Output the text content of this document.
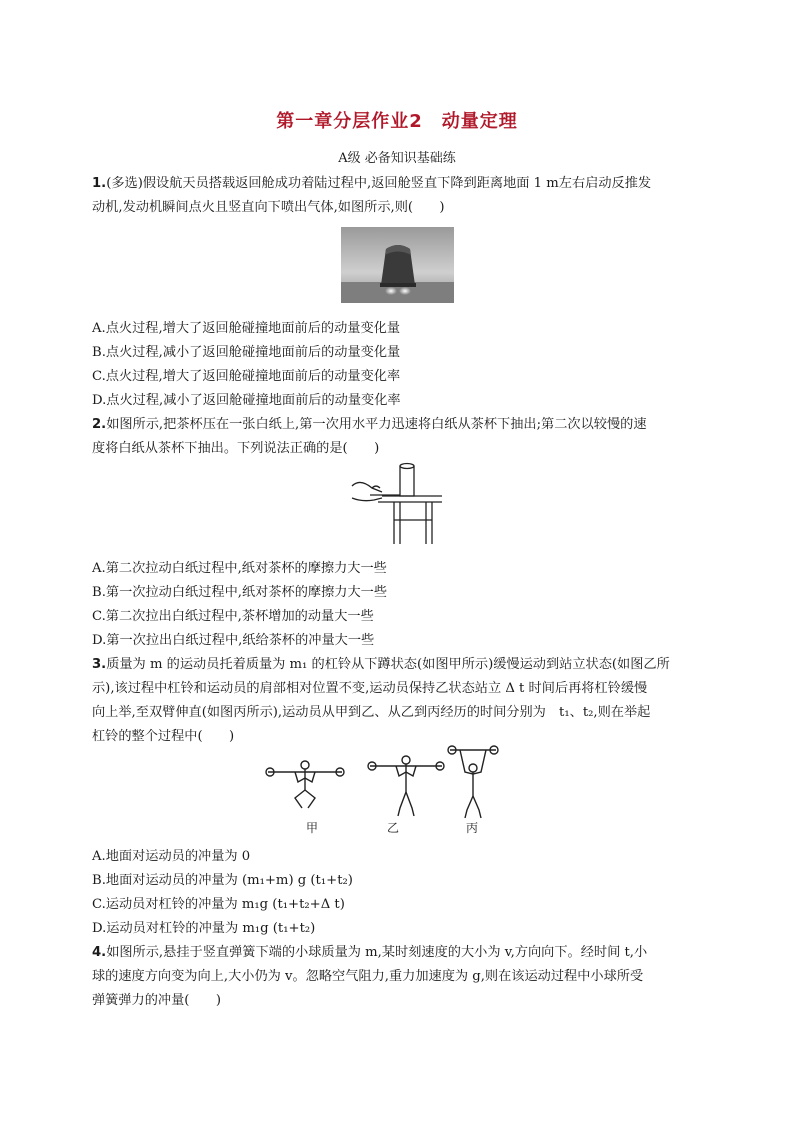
第一章分层作业2　动量定理
A级 必备知识基础练
1.(多选)假设航天员搭载返回舱成功着陆过程中,返回舱竖直下降到距离地面 1 m左右启动反推发
动机,发动机瞬间点火且竖直向下喷出气体,如图所示,则(　　)
A.点火过程,增大了返回舱碰撞地面前后的动量变化量
B.点火过程,减小了返回舱碰撞地面前后的动量变化量
C.点火过程,增大了返回舱碰撞地面前后的动量变化率
D.点火过程,减小了返回舱碰撞地面前后的动量变化率
2.如图所示,把茶杯压在一张白纸上,第一次用水平力迅速将白纸从茶杯下抽出;第二次以较慢的速
度将白纸从茶杯下抽出。下列说法正确的是(　　)
A.第二次拉动白纸过程中,纸对茶杯的摩擦力大一些
B.第一次拉动白纸过程中,纸对茶杯的摩擦力大一些
C.第二次拉出白纸过程中,茶杯增加的动量大一些
D.第一次拉出白纸过程中,纸给茶杯的冲量大一些
3.质量为 m 的运动员托着质量为 m₁ 的杠铃从下蹲状态(如图甲所示)缓慢运动到站立状态(如图乙所
示),该过程中杠铃和运动员的肩部相对位置不变,运动员保持乙状态站立 Δ t 时间后再将杠铃缓慢
向上举,至双臂伸直(如图丙所示),运动员从甲到乙、从乙到丙经历的时间分别为　t₁、t₂,则在举起
杠铃的整个过程中(　　)
甲	乙	丙
A.地面对运动员的冲量为 0
B.地面对运动员的冲量为 (m₁+m) g (t₁+t₂)
C.运动员对杠铃的冲量为 m₁g (t₁+t₂+Δ t)
D.运动员对杠铃的冲量为 m₁g (t₁+t₂)
4.如图所示,悬挂于竖直弹簧下端的小球质量为 m,某时刻速度的大小为 v,方向向下。经时间 t,小
球的速度方向变为向上,大小仍为 v。忽略空气阻力,重力加速度为 g,则在该运动过程中小球所受
弹簧弹力的冲量(　　)
